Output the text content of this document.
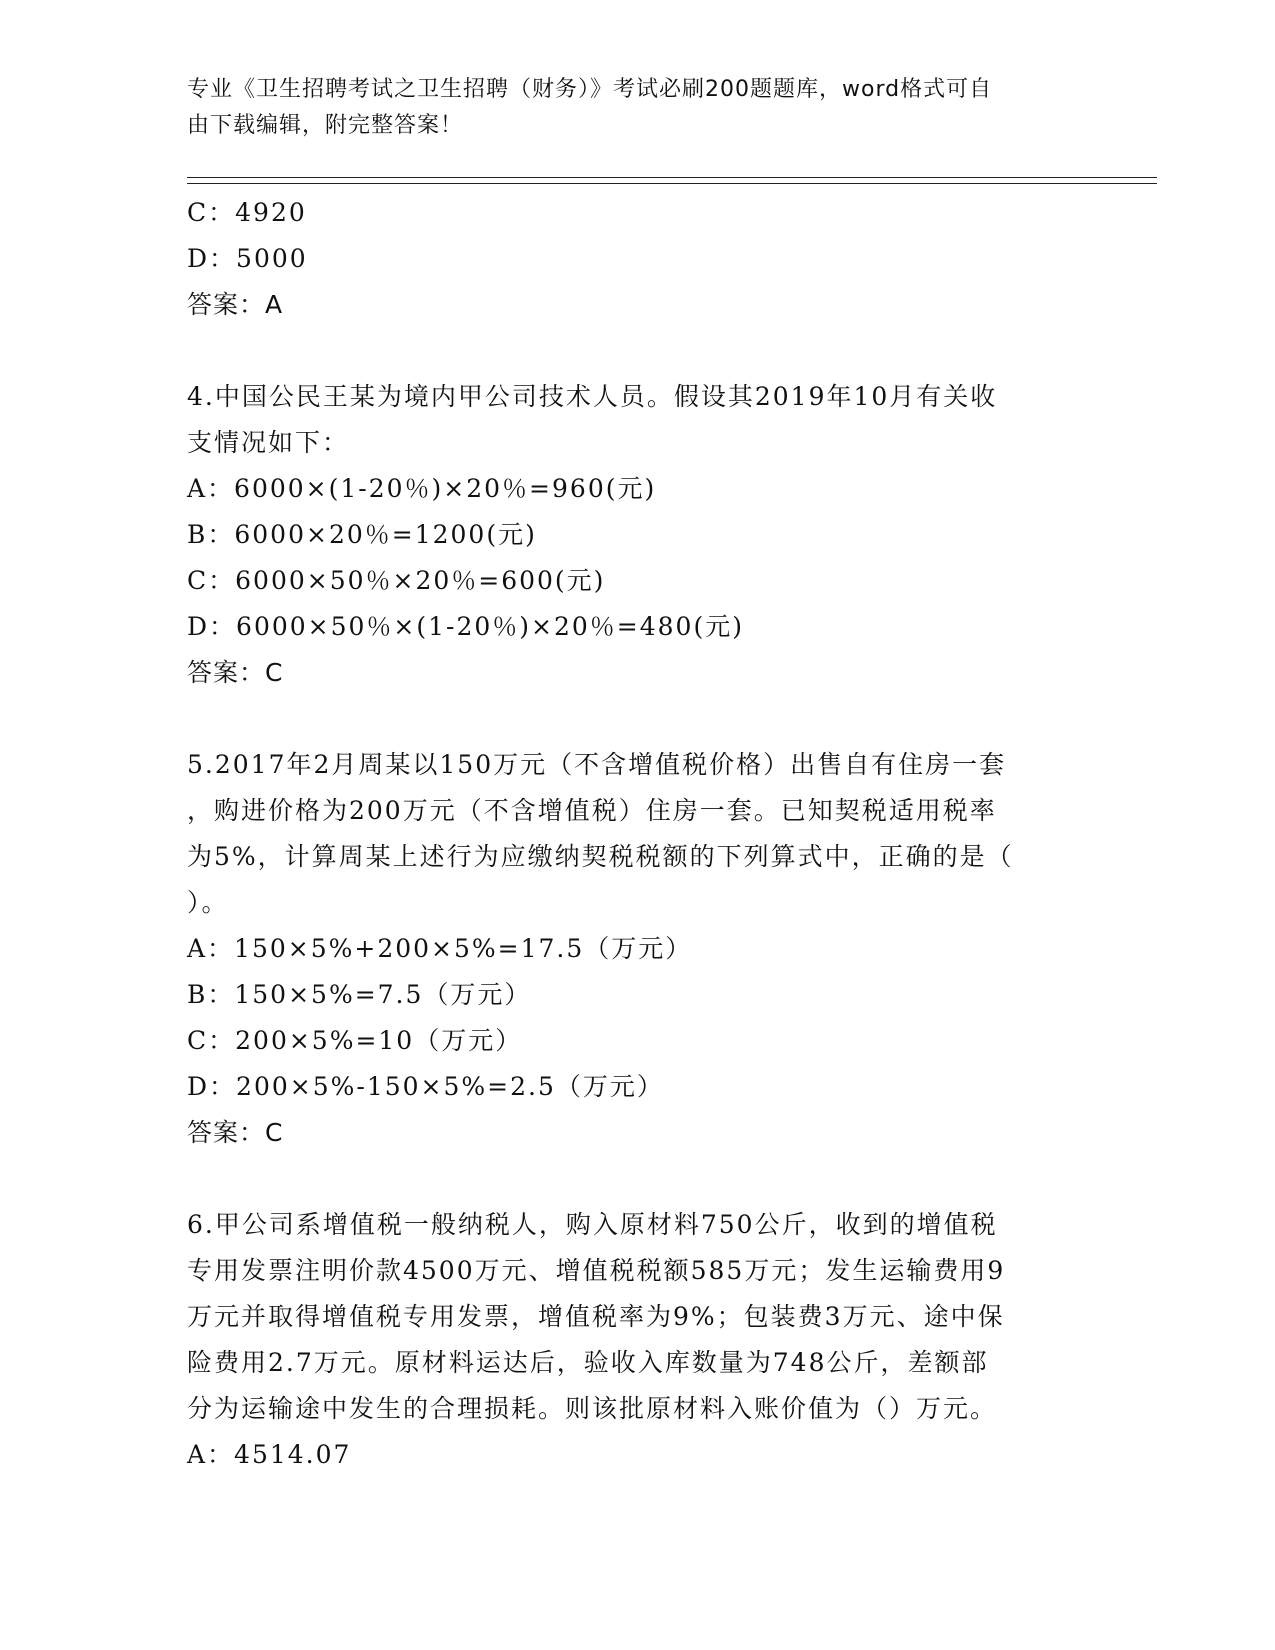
专业《卫生招聘考试之卫生招聘（财务）》考试必刷200题题库，word格式可自
由下载编辑，附完整答案！
C：4920
D：5000
答案：A
4.中国公民王某为境内甲公司技术人员。假设其2019年10月有关收
支情况如下：
A：6000×(1-20％)×20％=960(元)
B：6000×20％=1200(元)
C：6000×50％×20％=600(元)
D：6000×50％×(1-20％)×20％=480(元)
答案：C
5.2017年2月周某以150万元（不含增值税价格）出售自有住房一套
，购进价格为200万元（不含增值税）住房一套。已知契税适用税率
为5%，计算周某上述行为应缴纳契税税额的下列算式中，正确的是（
）。
A：150×5%+200×5%=17.5（万元）
B：150×5%=7.5（万元）
C：200×5%=10（万元）
D：200×5%-150×5%=2.5（万元）
答案：C
6.甲公司系增值税一般纳税人，购入原材料750公斤，收到的增值税
专用发票注明价款4500万元、增值税税额585万元；发生运输费用9
万元并取得增值税专用发票，增值税率为9%；包装费3万元、途中保
险费用2.7万元。原材料运达后，验收入库数量为748公斤，差额部
分为运输途中发生的合理损耗。则该批原材料入账价值为（）万元。
A：4514.07
